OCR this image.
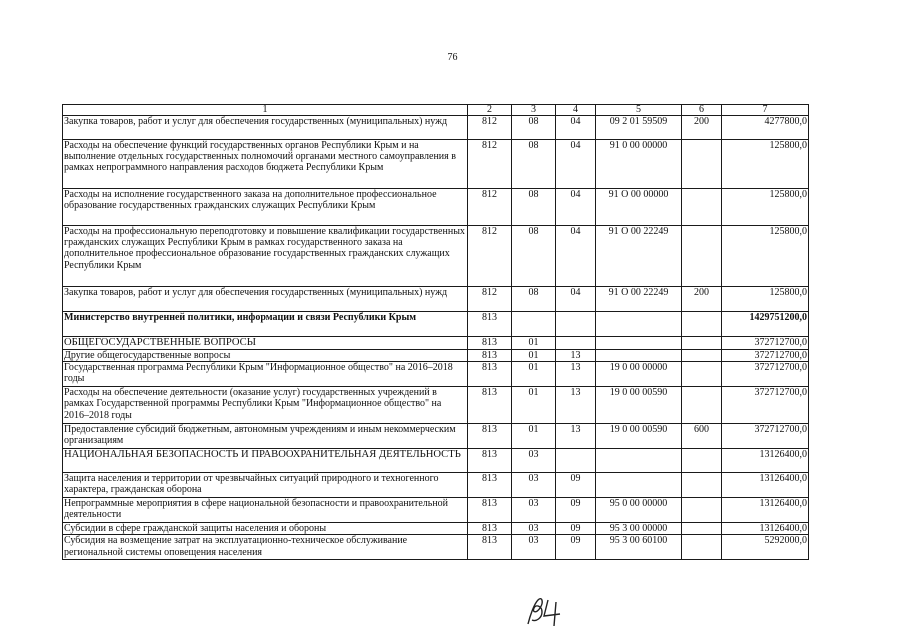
76
1	2	3	4	5	6	7
Закупка товаров, работ и услуг для обеспечения государственных (муниципальных) нужд	812	08	04	09 2 01 59509	200	4277800,0
Расходы на обеспечение функций государственных органов Республики Крым и на выполнение отдельных государственных полномочий органами местного самоуправления в рамках непрограммного направления расходов бюджета Республики Крым	812	08	04	91 0 00 00000		125800,0
Расходы на исполнение государственного заказа на дополнительное профессиональное образование государственных гражданских служащих Республики Крым	812	08	04	91 О 00 00000		125800,0
Расходы на профессиональную переподготовку и повышение квалификации государственных гражданских служащих Республики Крым в рамках государственного заказа на дополнительное профессиональное образование государственных гражданских служащих Республики Крым	812	08	04	91 О 00 22249		125800,0
Закупка товаров, работ и услуг для обеспечения государственных (муниципальных) нужд	812	08	04	91 О 00 22249	200	125800,0
Министерство внутренней политики, информации и связи Республики Крым	813					1429751200,0
ОБЩЕГОСУДАРСТВЕННЫЕ ВОПРОСЫ	813	01				372712700,0
Другие общегосударственные вопросы	813	01	13			372712700,0
Государственная программа Республики Крым "Информационное общество" на 2016–2018 годы	813	01	13	19 0 00 00000		372712700,0
Расходы на обеспечение деятельности (оказание услуг) государственных учреждений в рамках Государственной программы Республики Крым "Информационное общество" на 2016–2018 годы	813	01	13	19 0 00 00590		372712700,0
Предоставление субсидий бюджетным, автономным учреждениям и иным некоммерческим организациям	813	01	13	19 0 00 00590	600	372712700,0
НАЦИОНАЛЬНАЯ БЕЗОПАСНОСТЬ И ПРАВООХРАНИТЕЛЬНАЯ ДЕЯТЕЛЬНОСТЬ	813	03				13126400,0
Защита населения и территории от чрезвычайных ситуаций природного и техногенного характера, гражданская оборона	813	03	09			13126400,0
Непрограммные мероприятия в сфере национальной безопасности и правоохранительной деятельности	813	03	09	95 0 00 00000		13126400,0
Субсидии в сфере гражданской защиты населения и обороны	813	03	09	95 3 00 00000		13126400,0
Субсидия на возмещение затрат на эксплуатационно-техническое обслуживание региональной системы оповещения населения	813	03	09	95 3 00 60100		5292000,0
